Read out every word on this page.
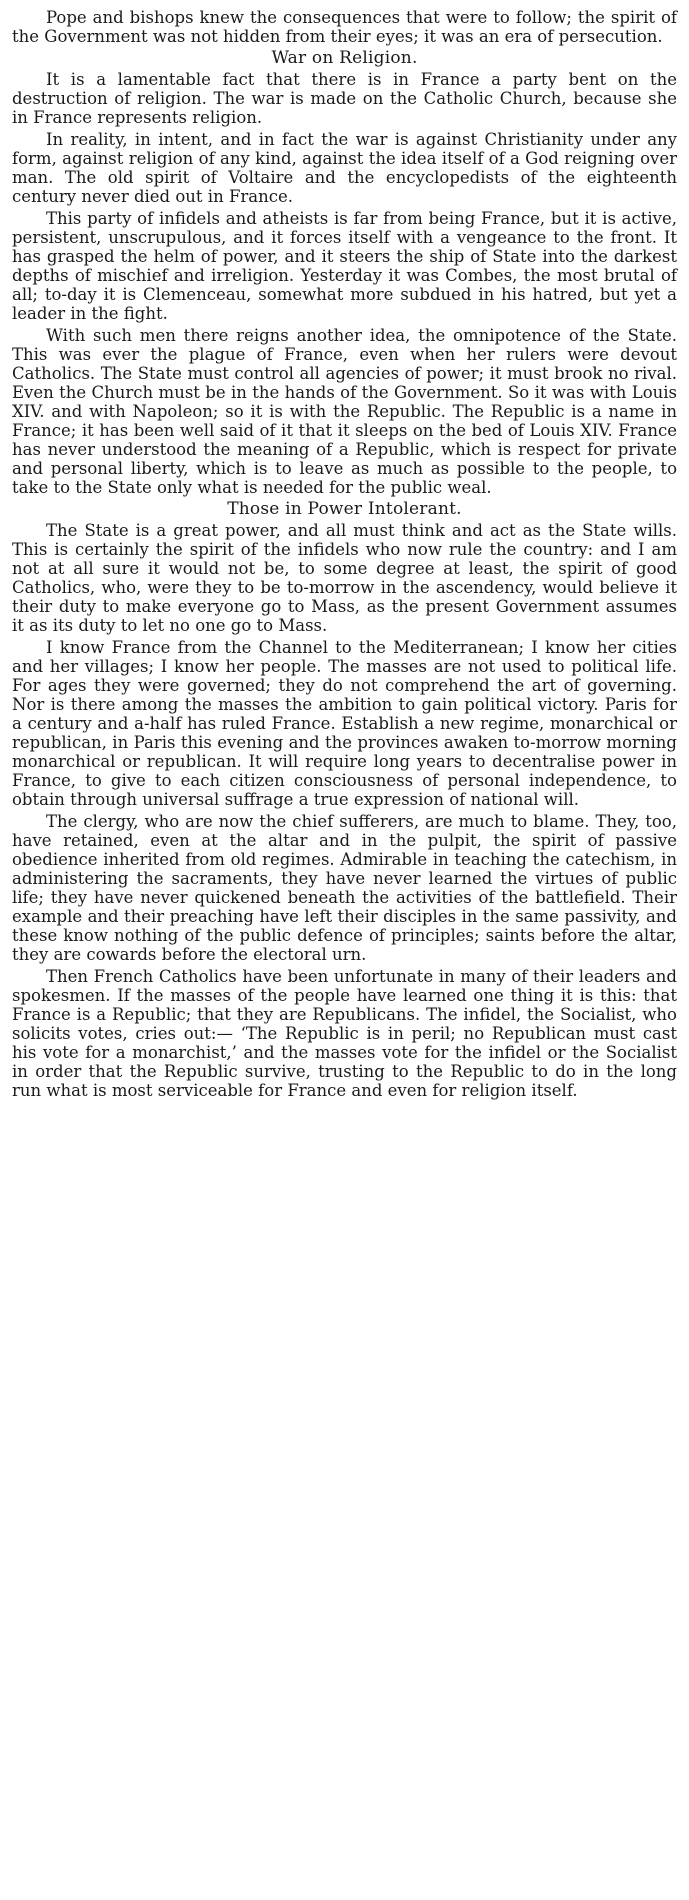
Pope and bishops knew the consequences that were to follow; the spirit of the Government was not hidden from their eyes; it was an era of persecution.

War on Religion.

It is a lamentable fact that there is in France a party bent on the destruction of religion. The war is made on the Catholic Church, because she in France represents religion.

In reality, in intent, and in fact the war is against Christianity under any form, against religion of any kind, against the idea itself of a God reigning over man. The old spirit of Voltaire and the encyclopedists of the eighteenth century never died out in France.

This party of infidels and atheists is far from being France, but it is active, persistent, unscrupulous, and it forces itself with a vengeance to the front. It has grasped the helm of power, and it steers the ship of State into the darkest depths of mischief and irreligion. Yesterday it was Combes, the most brutal of all; to-day it is Clemenceau, somewhat more subdued in his hatred, but yet a leader in the fight.

With such men there reigns another idea, the omnipotence of the State. This was ever the plague of France, even when her rulers were devout Catholics. The State must control all agencies of power; it must brook no rival. Even the Church must be in the hands of the Government. So it was with Louis XIV. and with Napoleon; so it is with the Republic. The Republic is a name in France; it has been well said of it that it sleeps on the bed of Louis XIV. France has never understood the meaning of a Republic, which is respect for private and personal liberty, which is to leave as much as possible to the people, to take to the State only what is needed for the public weal.

Those in Power Intolerant.

The State is a great power, and all must think and act as the State wills. This is certainly the spirit of the infidels who now rule the country: and I am not at all sure it would not be, to some degree at least, the spirit of good Catholics, who, were they to be to-morrow in the ascendency, would believe it their duty to make everyone go to Mass, as the present Government assumes it as its duty to let no one go to Mass.

I know France from the Channel to the Mediterranean; I know her cities and her villages; I know her people. The masses are not used to political life. For ages they were governed; they do not comprehend the art of governing. Nor is there among the masses the ambition to gain political victory. Paris for a century and a-half has ruled France. Establish a new regime, monarchical or republican, in Paris this evening and the provinces awaken to-morrow morning monarchical or republican. It will require long years to decentralise power in France, to give to each citizen consciousness of personal independence, to obtain through universal suffrage a true expression of national will.

The clergy, who are now the chief sufferers, are much to blame. They, too, have retained, even at the altar and in the pulpit, the spirit of passive obedience inherited from old regimes. Admirable in teaching the catechism, in administering the sacraments, they have never learned the virtues of public life; they have never quickened beneath the activities of the battlefield. Their example and their preaching have left their disciples in the same passivity, and these know nothing of the public defence of principles; saints before the altar, they are cowards before the electoral urn.

Then French Catholics have been unfortunate in many of their leaders and spokesmen. If the masses of the people have learned one thing it is this: that France is a Republic; that they are Republicans. The infidel, the Socialist, who solicits votes, cries out:— ‘The Republic is in peril; no Republican must cast his vote for a monarchist,’ and the masses vote for the infidel or the Socialist in order that the Republic survive, trusting to the Republic to do in the long run what is most serviceable for France and even for religion itself.
